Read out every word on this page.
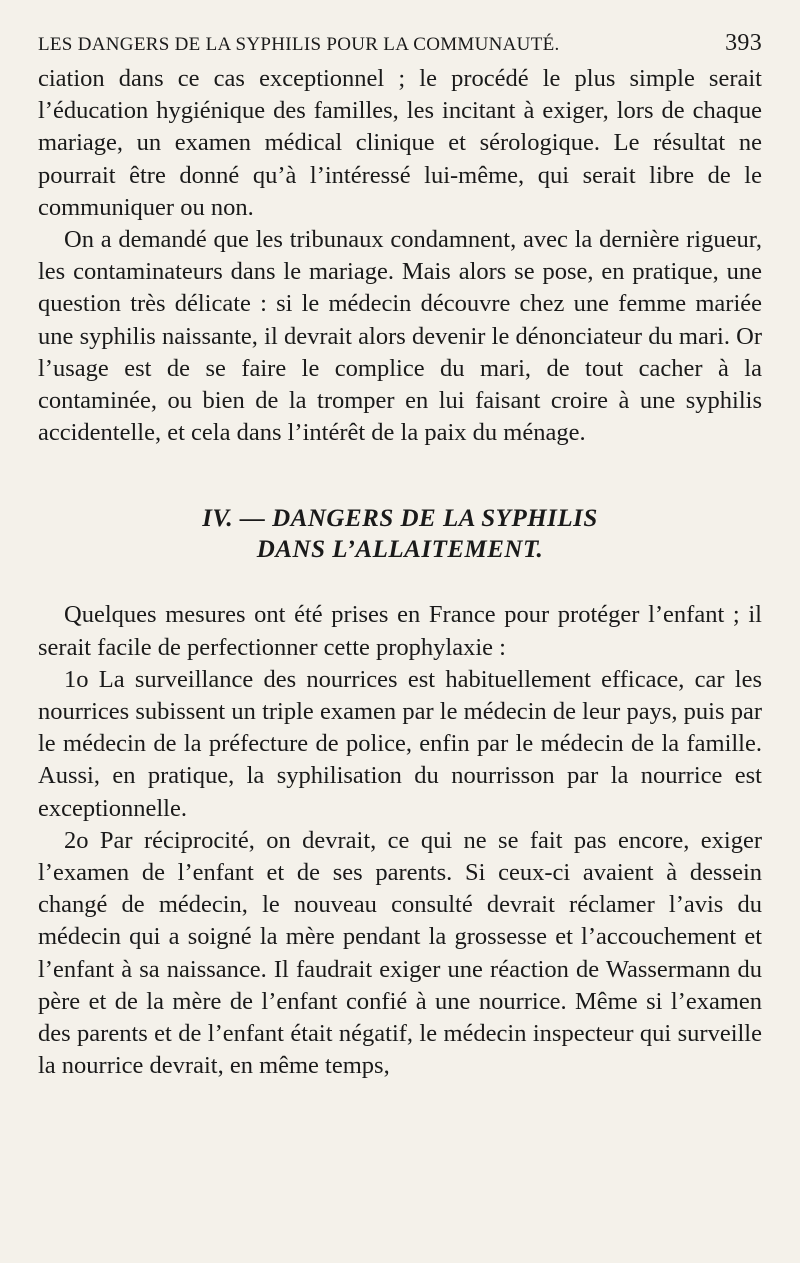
LES DANGERS DE LA SYPHILIS POUR LA COMMUNAUTÉ.	393

ciation dans ce cas exceptionnel ; le procédé le plus simple serait l’éducation hygiénique des familles, les incitant à exiger, lors de chaque mariage, un examen médical clinique et sérologique. Le résultat ne pourrait être donné qu’à l’intéressé lui-même, qui serait libre de le communiquer ou non.

On a demandé que les tribunaux condamnent, avec la dernière rigueur, les contaminateurs dans le mariage. Mais alors se pose, en pratique, une question très délicate : si le médecin découvre chez une femme mariée une syphilis naissante, il devrait alors devenir le dénonciateur du mari. Or l’usage est de se faire le complice du mari, de tout cacher à la contaminée, ou bien de la tromper en lui faisant croire à une syphilis accidentelle, et cela dans l’intérêt de la paix du ménage.

IV. — DANGERS DE LA SYPHILIS
DANS L’ALLAITEMENT.

Quelques mesures ont été prises en France pour protéger l’enfant ; il serait facile de perfectionner cette prophylaxie :

1o La surveillance des nourrices est habituellement efficace, car les nourrices subissent un triple examen par le médecin de leur pays, puis par le médecin de la préfecture de police, enfin par le médecin de la famille. Aussi, en pratique, la syphilisation du nourrisson par la nourrice est exceptionnelle.

2o Par réciprocité, on devrait, ce qui ne se fait pas encore, exiger l’examen de l’enfant et de ses parents. Si ceux-ci avaient à dessein changé de médecin, le nouveau consulté devrait réclamer l’avis du médecin qui a soigné la mère pendant la grossesse et l’accouchement et l’enfant à sa naissance. Il faudrait exiger une réaction de Wassermann du père et de la mère de l’enfant confié à une nourrice. Même si l’examen des parents et de l’enfant était négatif, le médecin inspecteur qui surveille la nourrice devrait, en même temps,
